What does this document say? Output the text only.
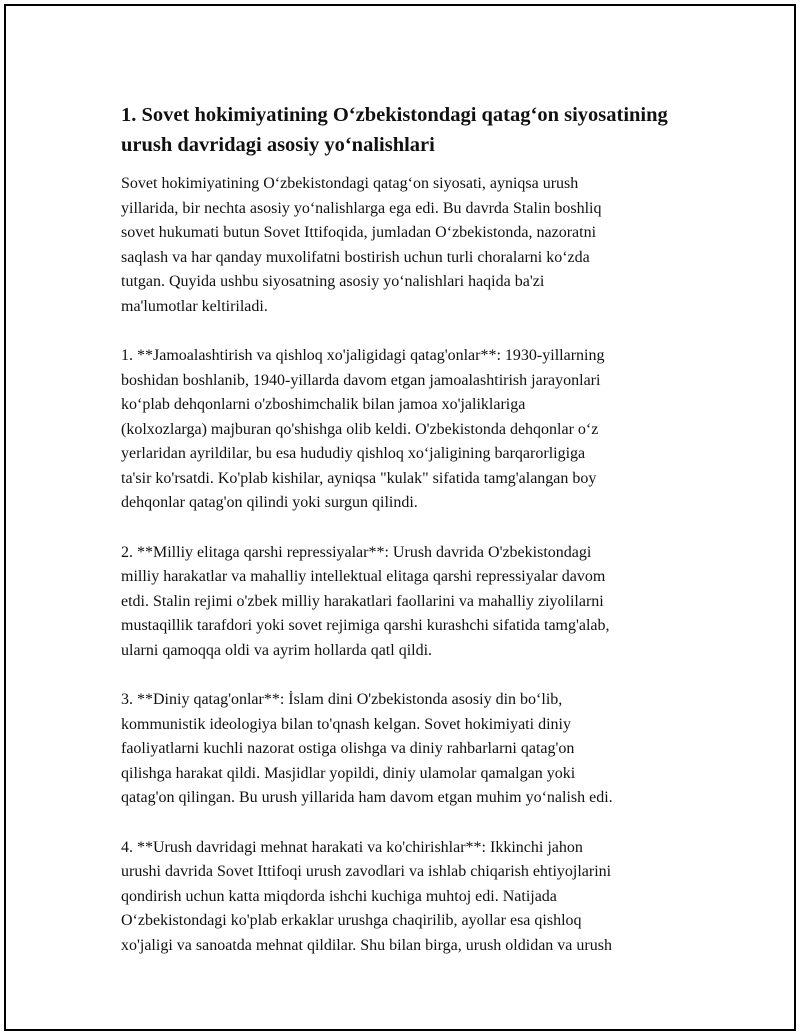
1. Sovet hokimiyatining O‘zbekistondagi qatag‘on siyosatining
urush davridagi asosiy yo‘nalishlari

Sovet hokimiyatining O‘zbekistondagi qatag‘on siyosati, ayniqsa urush
yillarida, bir nechta asosiy yo‘nalishlarga ega edi. Bu davrda Stalin boshliq
sovet hukumati butun Sovet Ittifoqida, jumladan O‘zbekistonda, nazoratni
saqlash va har qanday muxolifatni bostirish uchun turli choralarni ko‘zda
tutgan. Quyida ushbu siyosatning asosiy yo‘nalishlari haqida ba'zi
ma'lumotlar keltiriladi.

1. **Jamoalashtirish va qishloq xo'jaligidagi qatag'onlar**: 1930-yillarning
boshidan boshlanib, 1940-yillarda davom etgan jamoalashtirish jarayonlari
ko‘plab dehqonlarni o'zboshimchalik bilan jamoa xo'jaliklariga
(kolxozlarga) majburan qo'shishga olib keldi. O'zbekistonda dehqonlar o‘z
yerlaridan ayrildilar, bu esa hududiy qishloq xo‘jaligining barqarorligiga
ta'sir ko'rsatdi. Ko'plab kishilar, ayniqsa "kulak" sifatida tamg'alangan boy
dehqonlar qatag'on qilindi yoki surgun qilindi.

2. **Milliy elitaga qarshi repressiyalar**: Urush davrida O'zbekistondagi
milliy harakatlar va mahalliy intellektual elitaga qarshi repressiyalar davom
etdi. Stalin rejimi o'zbek milliy harakatlari faollarini va mahalliy ziyolilarni
mustaqillik tarafdori yoki sovet rejimiga qarshi kurashchi sifatida tamg'alab,
ularni qamoqqa oldi va ayrim hollarda qatl qildi.

3. **Diniy qatag'onlar**: İslam dini O'zbekistonda asosiy din bo‘lib,
kommunistik ideologiya bilan to'qnash kelgan. Sovet hokimiyati diniy
faoliyatlarni kuchli nazorat ostiga olishga va diniy rahbarlarni qatag'on
qilishga harakat qildi. Masjidlar yopildi, diniy ulamolar qamalgan yoki
qatag'on qilingan. Bu urush yillarida ham davom etgan muhim yo‘nalish edi.

4. **Urush davridagi mehnat harakati va ko'chirishlar**: Ikkinchi jahon
urushi davrida Sovet Ittifoqi urush zavodlari va ishlab chiqarish ehtiyojlarini
qondirish uchun katta miqdorda ishchi kuchiga muhtoj edi. Natijada
O‘zbekistondagi ko'plab erkaklar urushga chaqirilib, ayollar esa qishloq
xo'jaligi va sanoatda mehnat qildilar. Shu bilan birga, urush oldidan va urush
